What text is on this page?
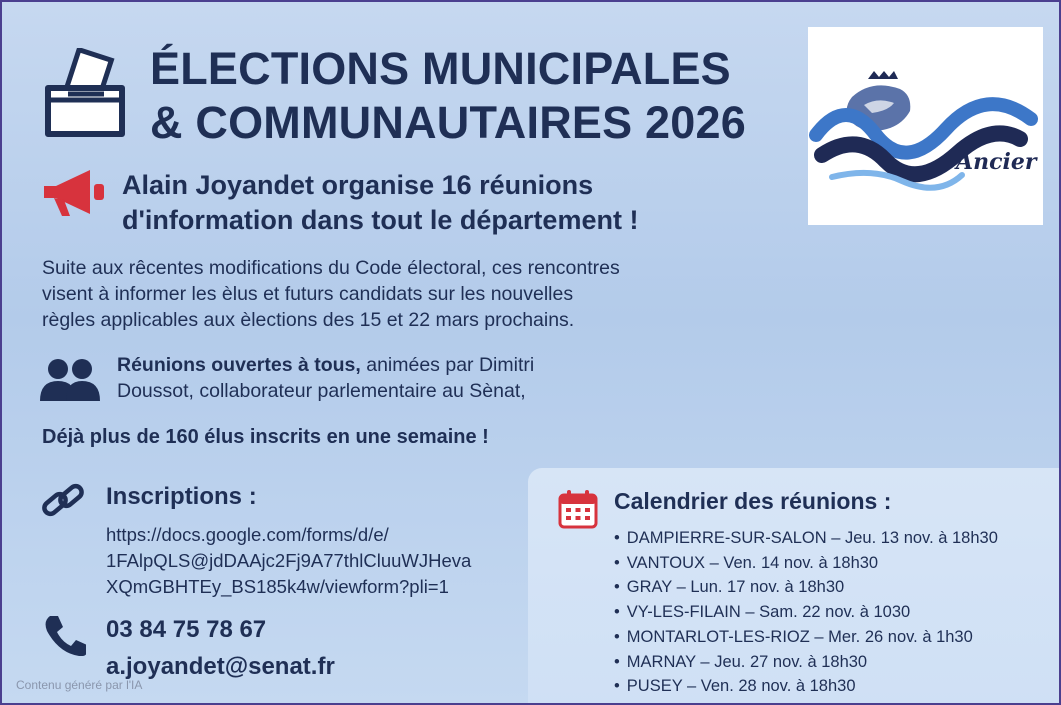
ÉLECTIONS MUNICIPALES
& COMMUNAUTAIRES 2026
Ancier
Alain Joyandet organise 16 réunions
d'information dans tout le département !
Suite aux rêcentes modifications du Code électoral, ces rencontres
visent à informer les èlus et futurs candidats sur les nouvelles
règles applicables aux èlections des 15 et 22 mars prochains.
Réunions ouvertes à tous, animées par Dimitri
Doussot, collaborateur parlementaire au Sènat,
Déjà plus de 160 élus inscrits en une semaine !
Inscriptions :
https://docs.google.com/forms/d/e/
1FAlpQLS@jdDAAjc2Fj9A77thlCluuWJHeva
XQmGBHTEy_BS185k4w/viewform?pli=1
03 84 75 78 67
a.joyandet@senat.fr
Contenu généré par l'IA
Calendrier des réunions :
• DAMPIERRE-SUR-SALON – Jeu. 13 nov. à 18h30
• VANTOUX – Ven. 14 nov. à 18h30
• GRAY – Lun. 17 nov. à 18h30
• VY-LES-FILAIN – Sam. 22 nov. à 1030
• MONTARLOT-LES-RIOZ – Mer. 26 nov. à 1h30
• MARNAY – Jeu. 27 nov. à 18h30
• PUSEY – Ven. 28 nov. à 18h30
